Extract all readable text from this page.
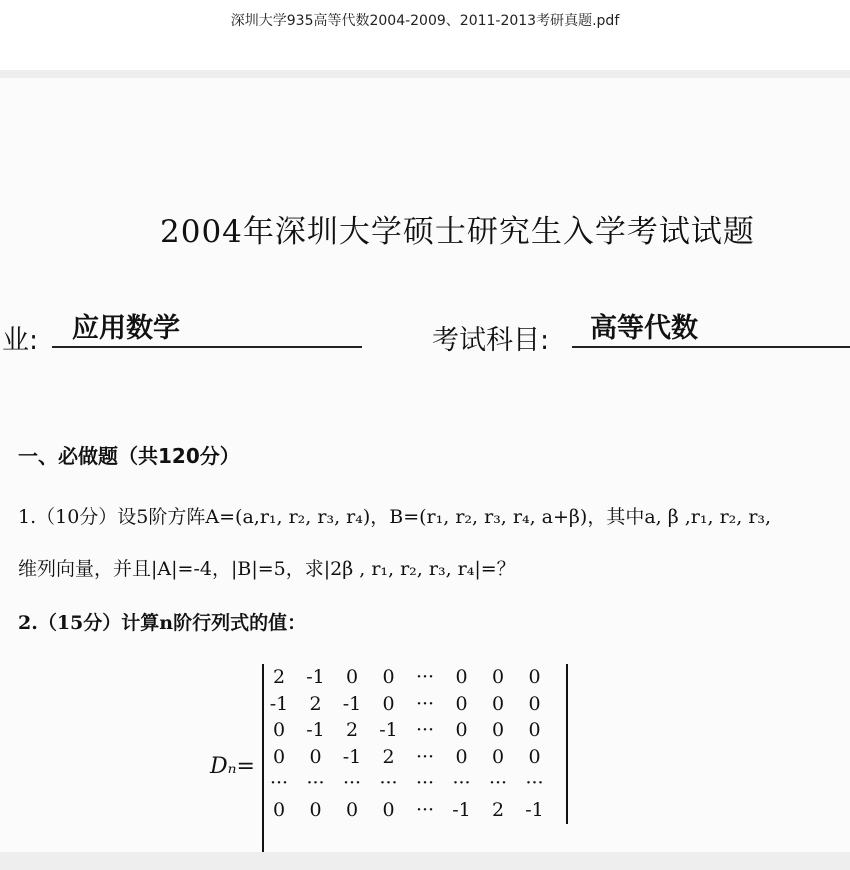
深圳大学935高等代数2004-2009、2011-2013考研真题.pdf
2004年深圳大学硕士研究生入学考试试题
业: 应用数学	考试科目: 高等代数
一、必做题（共120分）
1.（10分）设5阶方阵A=(a,r₁, r₂, r₃, r₄)，B=(r₁, r₂, r₃, r₄, a+β)，其中a, β ,r₁, r₂, r₃,
维列向量，并且|A|=-4，|B|=5，求|2β , r₁, r₂, r₃, r₄|=？
2.（15分）计算n阶行列式的值：
Dₙ=
2	-1	0	0	···	0	0	0
-1	2	-1	0	···	0	0	0
0	-1	2	-1 ···	0	0	0
0	0	-1	2	···	0	0	0
··· ··· ··· ··· ··· ··· ··· ···
0	0	0	0	··· -1	2	-1
